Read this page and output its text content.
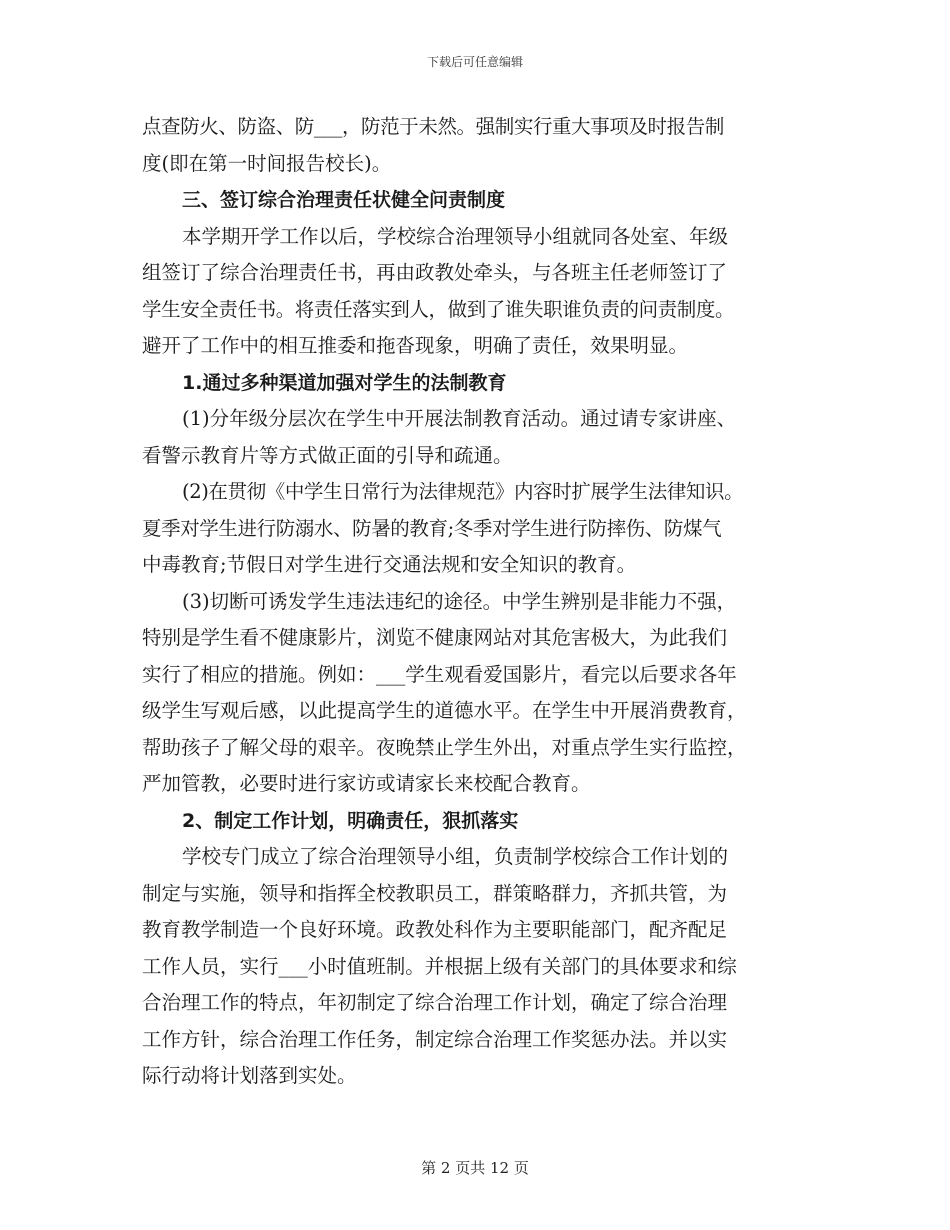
下载后可任意编辑
点查防火、防盗、防___，防范于未然。强制实行重大事项及时报告制
度(即在第一时间报告校长)。
三、签订综合治理责任状健全问责制度
本学期开学工作以后，学校综合治理领导小组就同各处室、年级
组签订了综合治理责任书，再由政教处牵头，与各班主任老师签订了
学生安全责任书。将责任落实到人，做到了谁失职谁负责的问责制度。
避开了工作中的相互推委和拖沓现象，明确了责任，效果明显。
1.通过多种渠道加强对学生的法制教育
(1)分年级分层次在学生中开展法制教育活动。通过请专家讲座、
看警示教育片等方式做正面的引导和疏通。
(2)在贯彻《中学生日常行为法律规范》内容时扩展学生法律知识。
夏季对学生进行防溺水、防暑的教育;冬季对学生进行防摔伤、防煤气
中毒教育;节假日对学生进行交通法规和安全知识的教育。
(3)切断可诱发学生违法违纪的途径。中学生辨别是非能力不强，
特别是学生看不健康影片，浏览不健康网站对其危害极大，为此我们
实行了相应的措施。例如：___学生观看爱国影片，看完以后要求各年
级学生写观后感，以此提高学生的道德水平。在学生中开展消费教育，
帮助孩子了解父母的艰辛。夜晚禁止学生外出，对重点学生实行监控，
严加管教，必要时进行家访或请家长来校配合教育。
2、制定工作计划，明确责任，狠抓落实
学校专门成立了综合治理领导小组，负责制学校综合工作计划的
制定与实施，领导和指挥全校教职员工，群策略群力，齐抓共管，为
教育教学制造一个良好环境。政教处科作为主要职能部门，配齐配足
工作人员，实行___小时值班制。并根据上级有关部门的具体要求和综
合治理工作的特点，年初制定了综合治理工作计划，确定了综合治理
工作方针，综合治理工作任务，制定综合治理工作奖惩办法。并以实
际行动将计划落到实处。
第 2 页共 12 页
